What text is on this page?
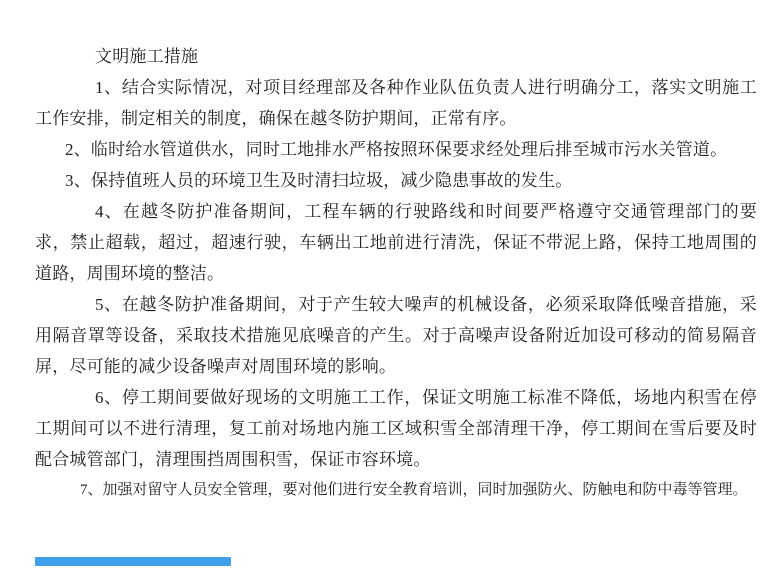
文明施工措施

1、结合实际情况，对项目经理部及各种作业队伍负责人进行明确分工，落实文明施工工作安排，制定相关的制度，确保在越冬防护期间，正常有序。

2、临时给水管道供水，同时工地排水严格按照环保要求经处理后排至城市污水关管道。

3、保持值班人员的环境卫生及时清扫垃圾，减少隐患事故的发生。

4、在越冬防护准备期间，工程车辆的行驶路线和时间要严格遵守交通管理部门的要求，禁止超载，超过，超速行驶，车辆出工地前进行清洗，保证不带泥上路，保持工地周围的道路，周围环境的整洁。

5、在越冬防护准备期间，对于产生较大噪声的机械设备，必须采取降低噪音措施，采用隔音罩等设备，采取技术措施见底噪音的产生。对于高噪声设备附近加设可移动的简易隔音屏，尽可能的减少设备噪声对周围环境的影响。

6、停工期间要做好现场的文明施工工作，保证文明施工标准不降低，场地内积雪在停工期间可以不进行清理，复工前对场地内施工区域积雪全部清理干净，停工期间在雪后要及时配合城管部门，清理围挡周围积雪，保证市容环境。

7、加强对留守人员安全管理，要对他们进行安全教育培训，同时加强防火、防触电和防中毒等管理。
